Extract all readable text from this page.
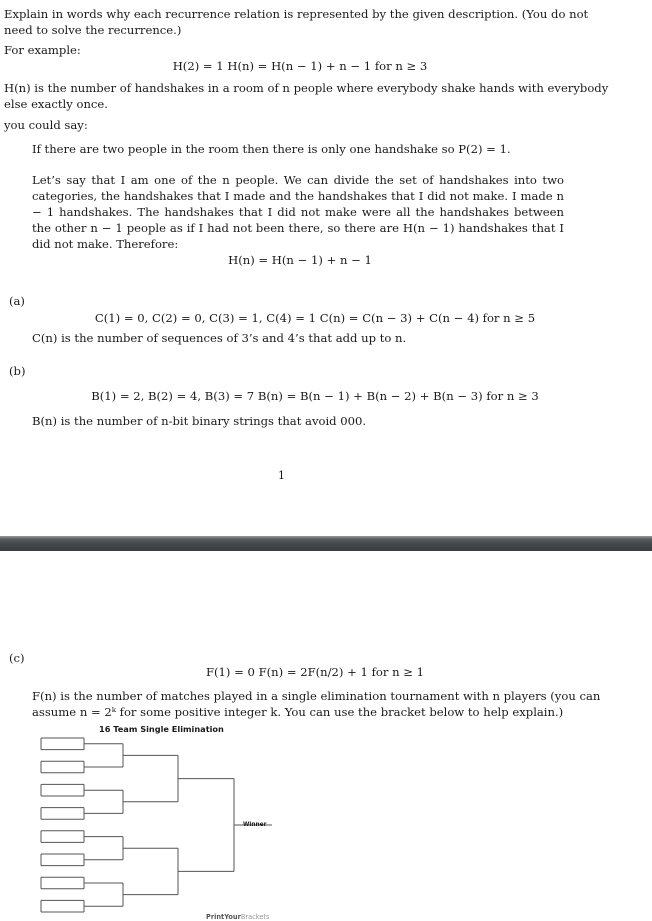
Explain in words why each recurrence relation is represented by the given description. (You do not
need to solve the recurrence.)
For example:
H(2) = 1 H(n) = H(n − 1) + n − 1 for n ≥ 3
H(n) is the number of handshakes in a room of n people where everybody shake hands with everybody
else exactly once.
you could say:
If there are two people in the room then there is only one handshake so P(2) = 1.
Let’s say that I am one of the n people. We can divide the set of handshakes into two categories, the handshakes that I made and the handshakes that I did not make. I made n − 1 handshakes. The handshakes that I did not make were all the handshakes between the other n − 1 people as if I had not been there, so there are H(n − 1) handshakes that I did not make. Therefore:
H(n) = H(n − 1) + n − 1
(a)
C(1) = 0, C(2) = 0, C(3) = 1, C(4) = 1 C(n) = C(n − 3) + C(n − 4) for n ≥ 5
C(n) is the number of sequences of 3’s and 4’s that add up to n.
(b)
B(1) = 2, B(2) = 4, B(3) = 7 B(n) = B(n − 1) + B(n − 2) + B(n − 3) for n ≥ 3
B(n) is the number of n-bit binary strings that avoid 000.
1
(c)
F(1) = 0 F(n) = 2F(n/2) + 1 for n ≥ 1
F(n) is the number of matches played in a single elimination tournament with n players (you can
assume n = 2ᵏ for some positive integer k. You can use the bracket below to help explain.)
16 Team Single Elimination
Winner
PrintYourBrackets
